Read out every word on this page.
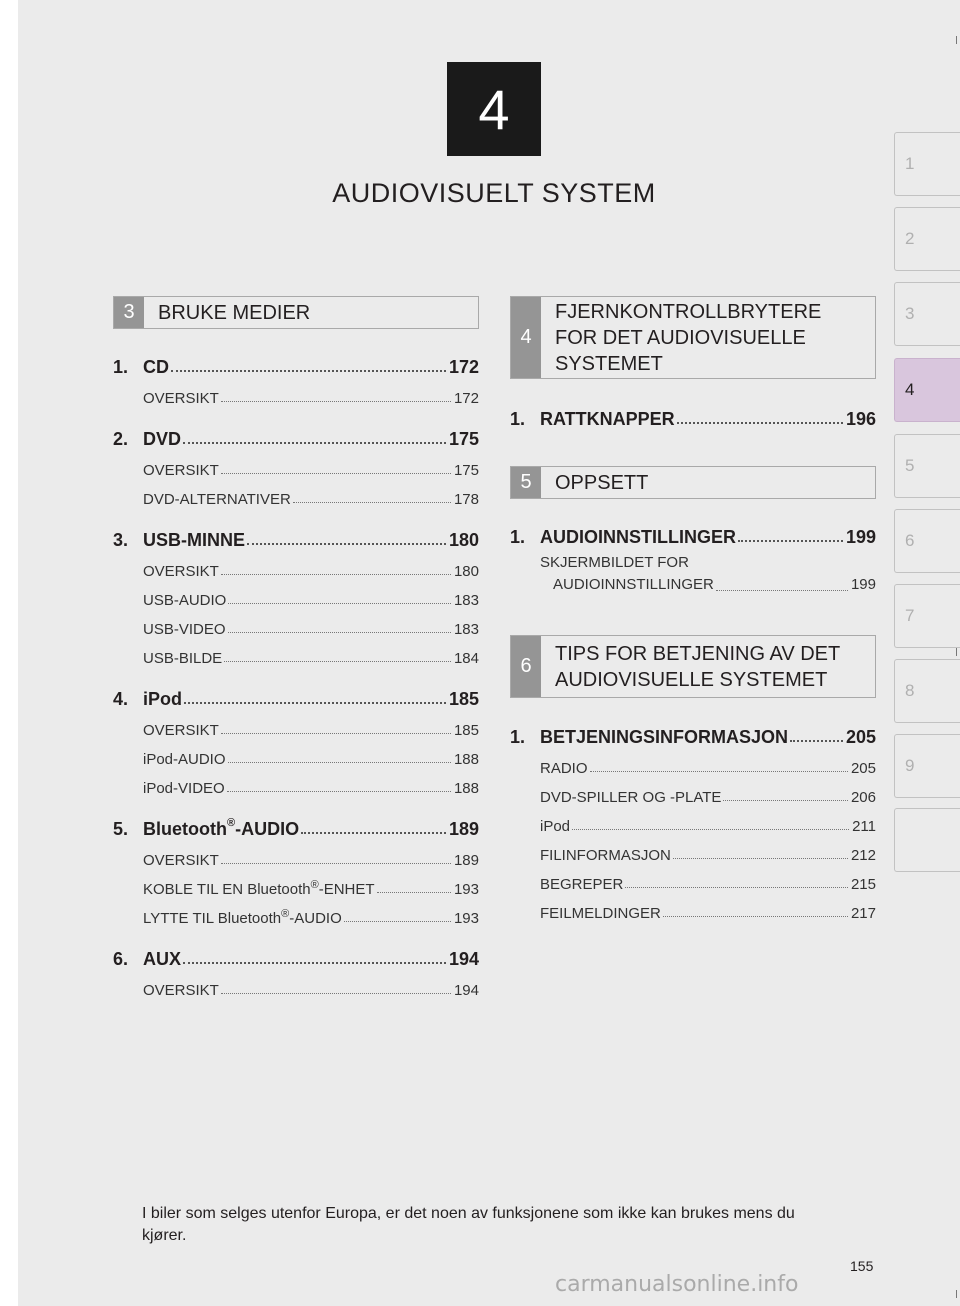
4
AUDIOVISUELT SYSTEM
1
2
3
4
5
6
7
8
9
3	BRUKE MEDIER
1. CD	172
OVERSIKT	172
2. DVD	175
OVERSIKT	175
DVD-ALTERNATIVER	178
3. USB-MINNE	180
OVERSIKT	180
USB-AUDIO	183
USB-VIDEO	183
USB-BILDE	184
4. iPod	185
OVERSIKT	185
iPod-AUDIO	188
iPod-VIDEO	188
5. Bluetooth®-AUDIO	189
OVERSIKT	189
KOBLE TIL EN Bluetooth®-ENHET	193
LYTTE TIL Bluetooth®-AUDIO	193
6. AUX	194
OVERSIKT	194
4
FJERNKONTROLLBRYTERE
FOR DET AUDIOVISUELLE
SYSTEMET
1. RATTKNAPPER	196
5	OPPSETT
1. AUDIOINNSTILLINGER	199
SKJERMBILDET FOR
AUDIOINNSTILLINGER	199
6
TIPS FOR BETJENING AV DET
AUDIOVISUELLE SYSTEMET
1. BETJENINGSINFORMASJON	205
RADIO	205
DVD-SPILLER OG -PLATE	206
iPod	211
FILINFORMASJON	212
BEGREPER	215
FEILMELDINGER	217
I biler som selges utenfor Europa, er det noen av funksjonene som ikke kan brukes mens du kjører.
155
carmanualsonline.info
